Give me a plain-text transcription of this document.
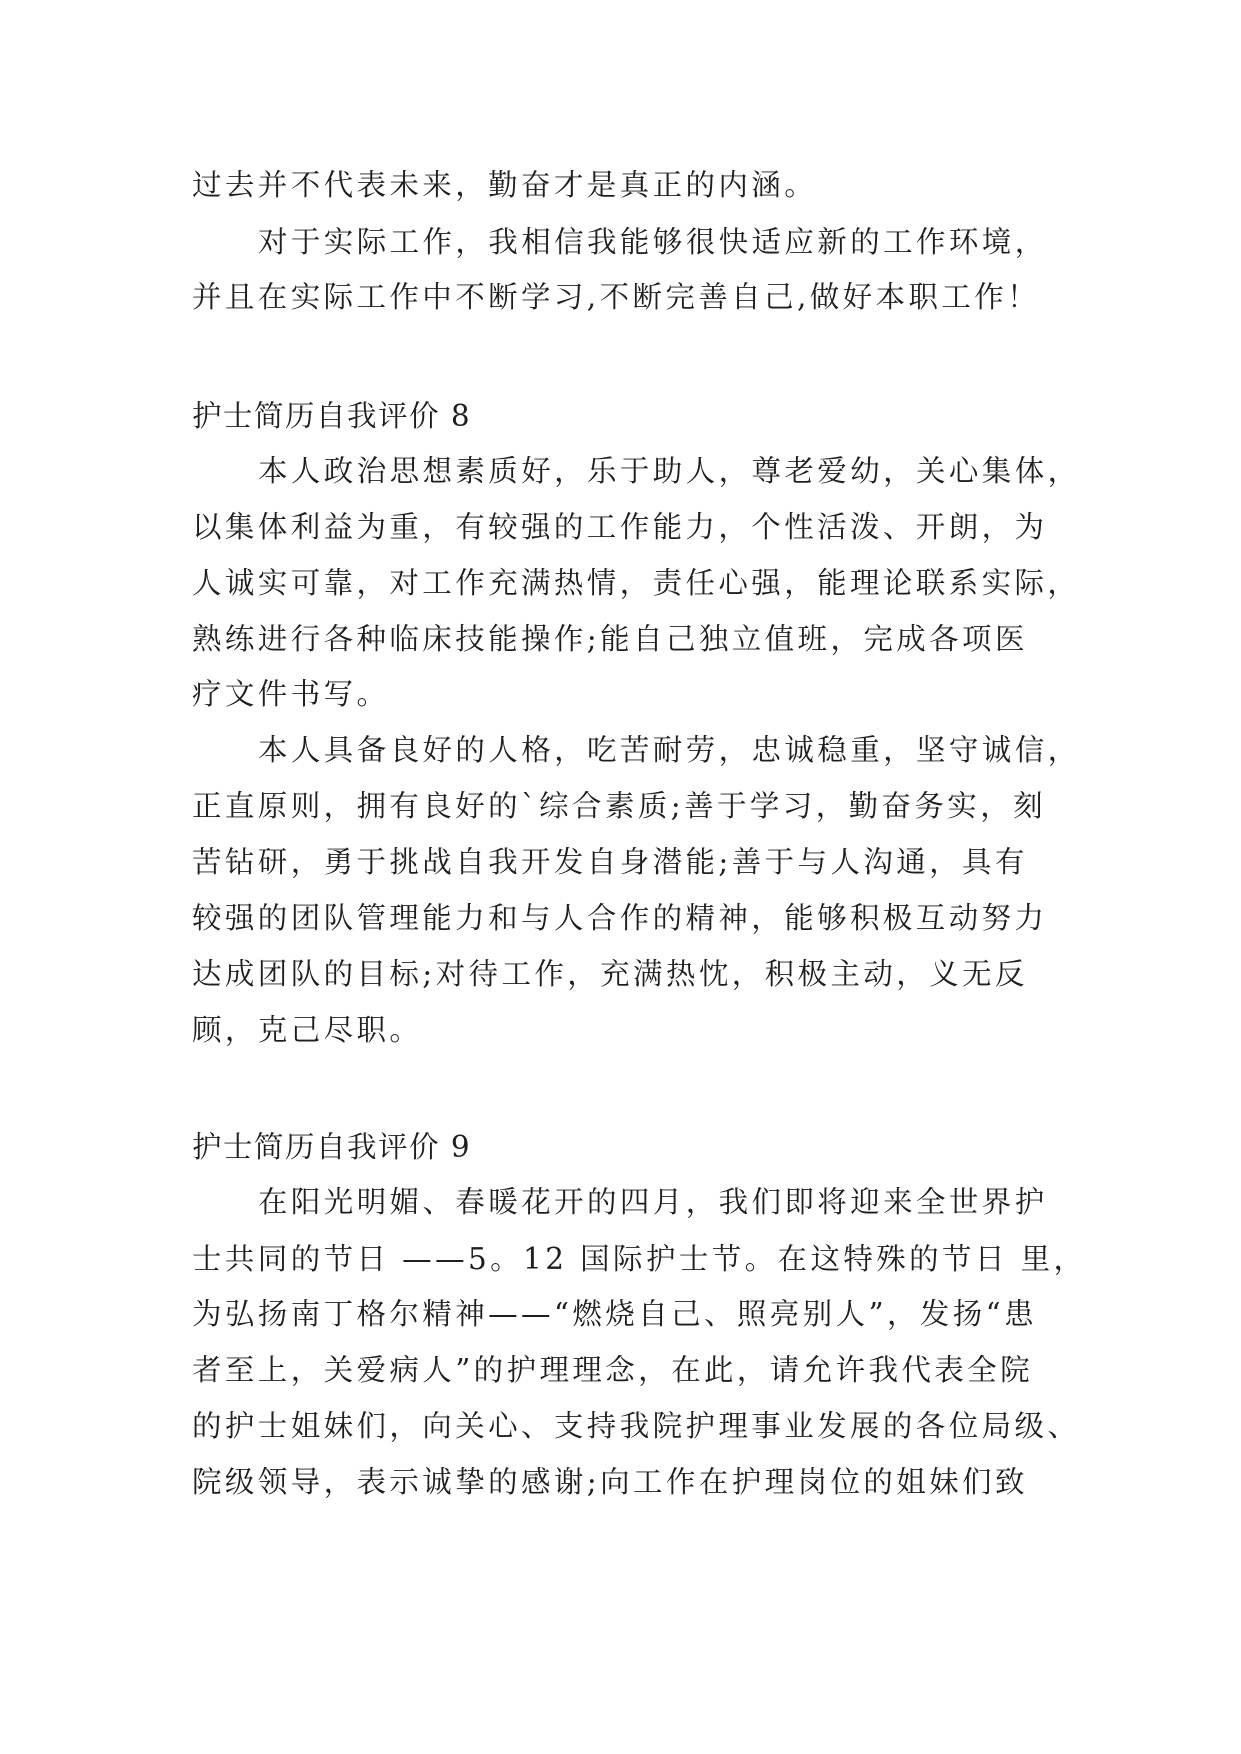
过去并不代表未来，勤奋才是真正的内涵。
对于实际工作，我相信我能够很快适应新的工作环境，
并且在实际工作中不断学习,不断完善自己,做好本职工作！
护士简历自我评价 8
本人政治思想素质好，乐于助人，尊老爱幼，关心集体，
以集体利益为重，有较强的工作能力，个性活泼、开朗，为
人诚实可靠，对工作充满热情，责任心强，能理论联系实际，
熟练进行各种临床技能操作;能自己独立值班，完成各项医
疗文件书写。
本人具备良好的人格，吃苦耐劳，忠诚稳重，坚守诚信，
正直原则，拥有良好的`综合素质;善于学习，勤奋务实，刻
苦钻研，勇于挑战自我开发自身潜能;善于与人沟通，具有
较强的团队管理能力和与人合作的精神，能够积极互动努力
达成团队的目标;对待工作，充满热忱，积极主动，义无反
顾，克己尽职。
护士简历自我评价 9
在阳光明媚、春暖花开的四月，我们即将迎来全世界护
士共同的节日 ——5。12 国际护士节。在这特殊的节日 里，
为弘扬南丁格尔精神——“燃烧自己、照亮别人”，发扬“患
者至上，关爱病人”的护理理念，在此，请允许我代表全院
的护士姐妹们，向关心、支持我院护理事业发展的各位局级、
院级领导，表示诚挚的感谢;向工作在护理岗位的姐妹们致
